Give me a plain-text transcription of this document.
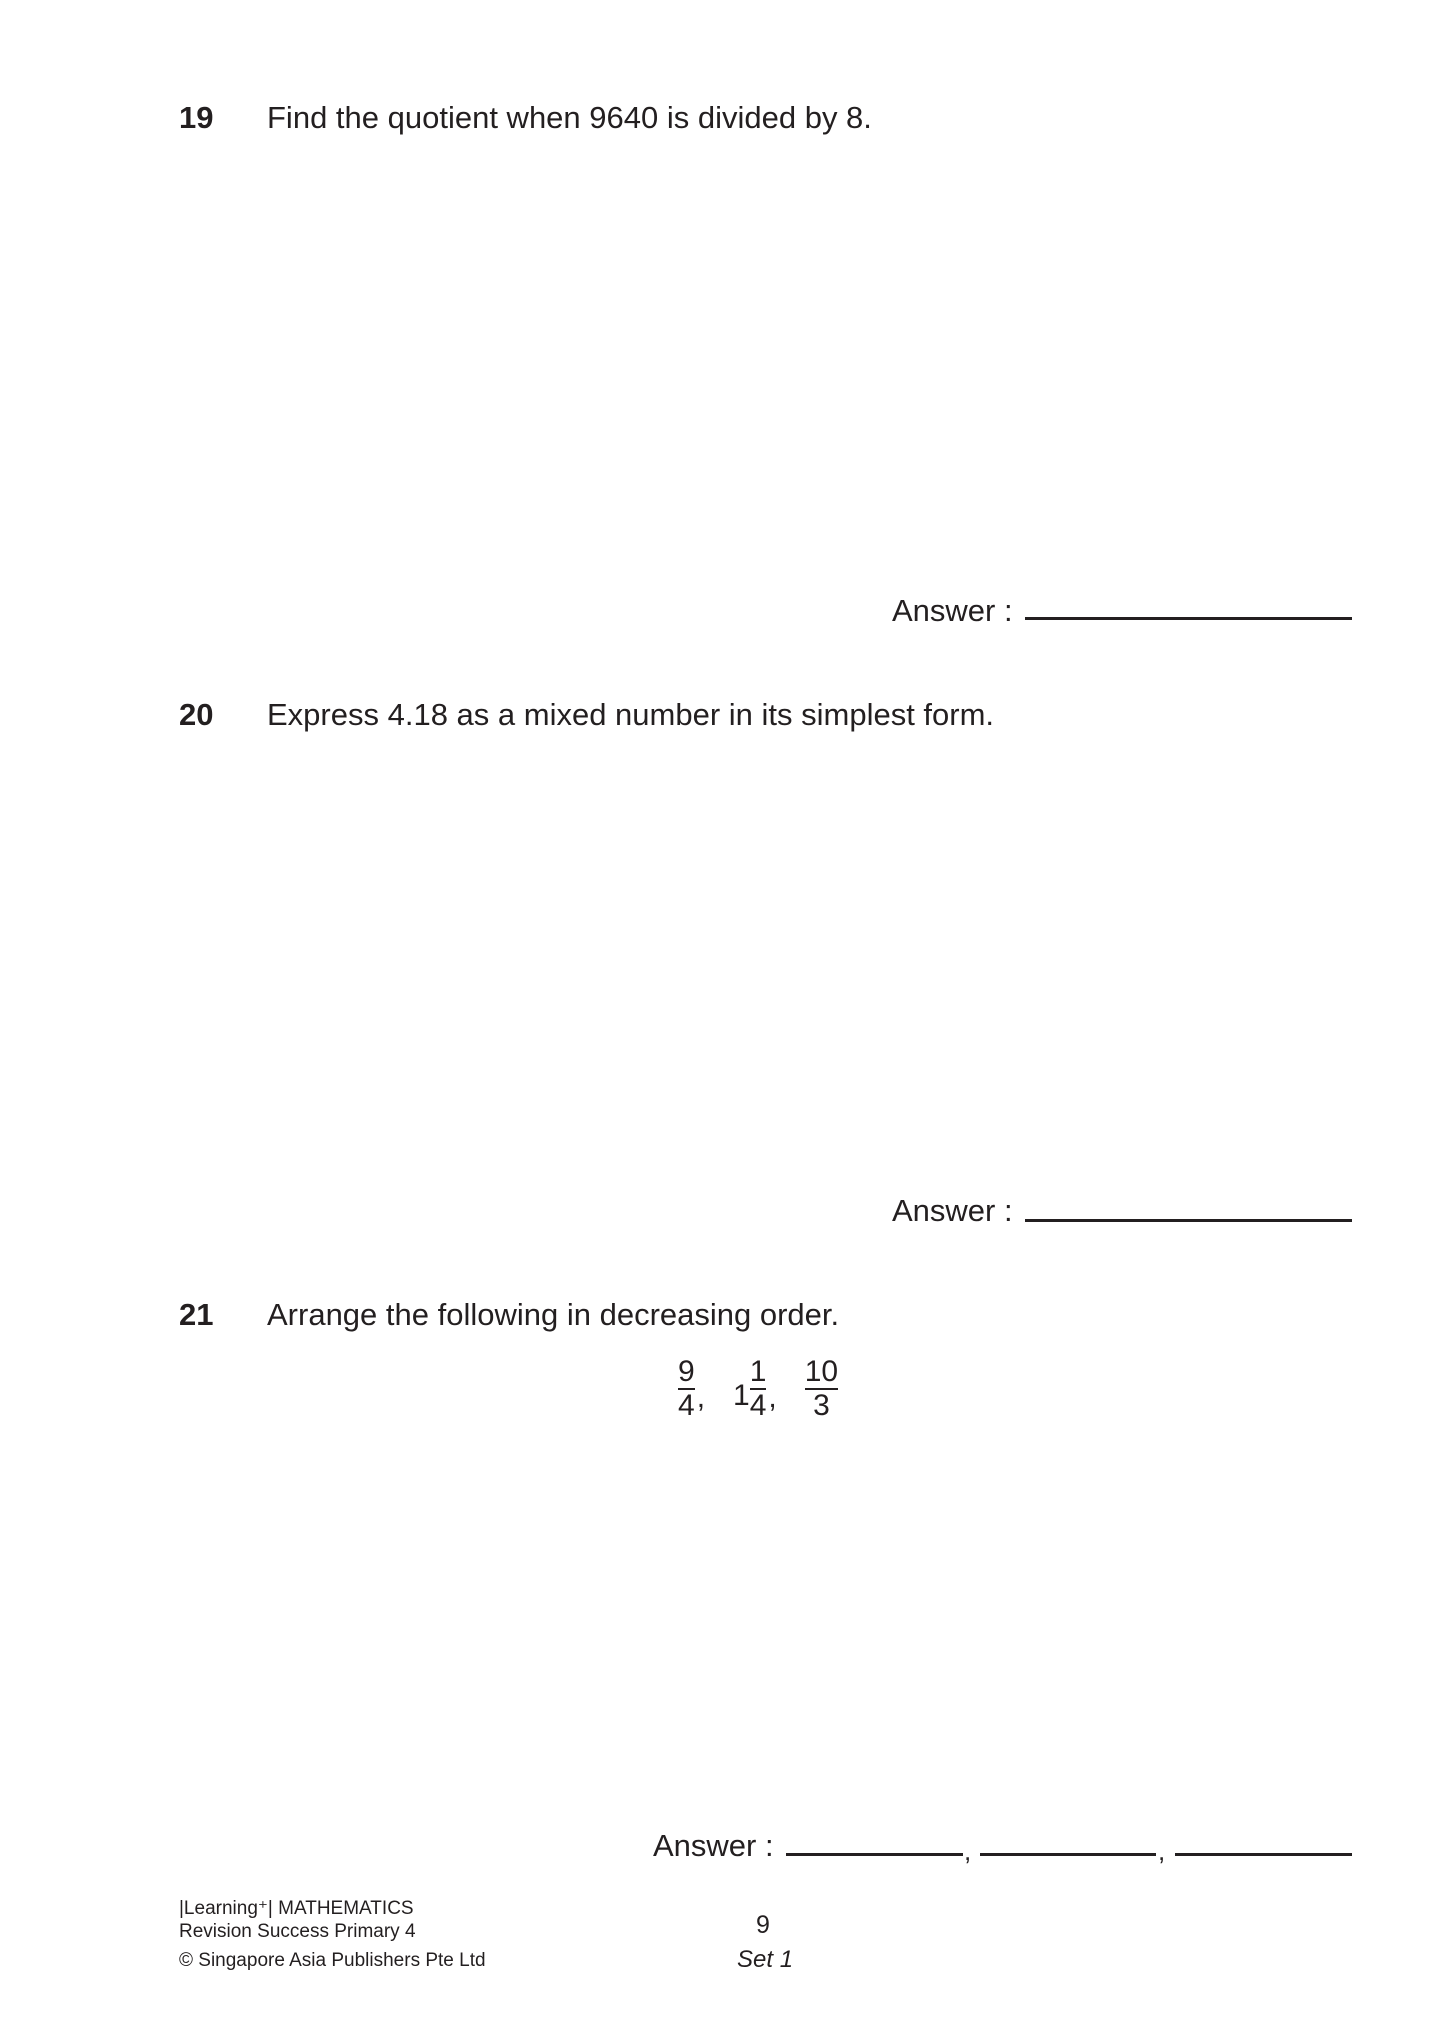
19 Find the quotient when 9640 is divided by 8.
Answer :
20 Express 4.18 as a mixed number in its simplest form.
Answer :
21 Arrange the following in decreasing order.
$\frac{9}{4}$ , $1 \frac{1}{4}$ , $\frac{10}{3}$
Answer :	,	,
|Learning⁺| MATHEMATICS
Revision Success Primary 4
© Singapore Asia Publishers Pte Ltd
9
Set 1
